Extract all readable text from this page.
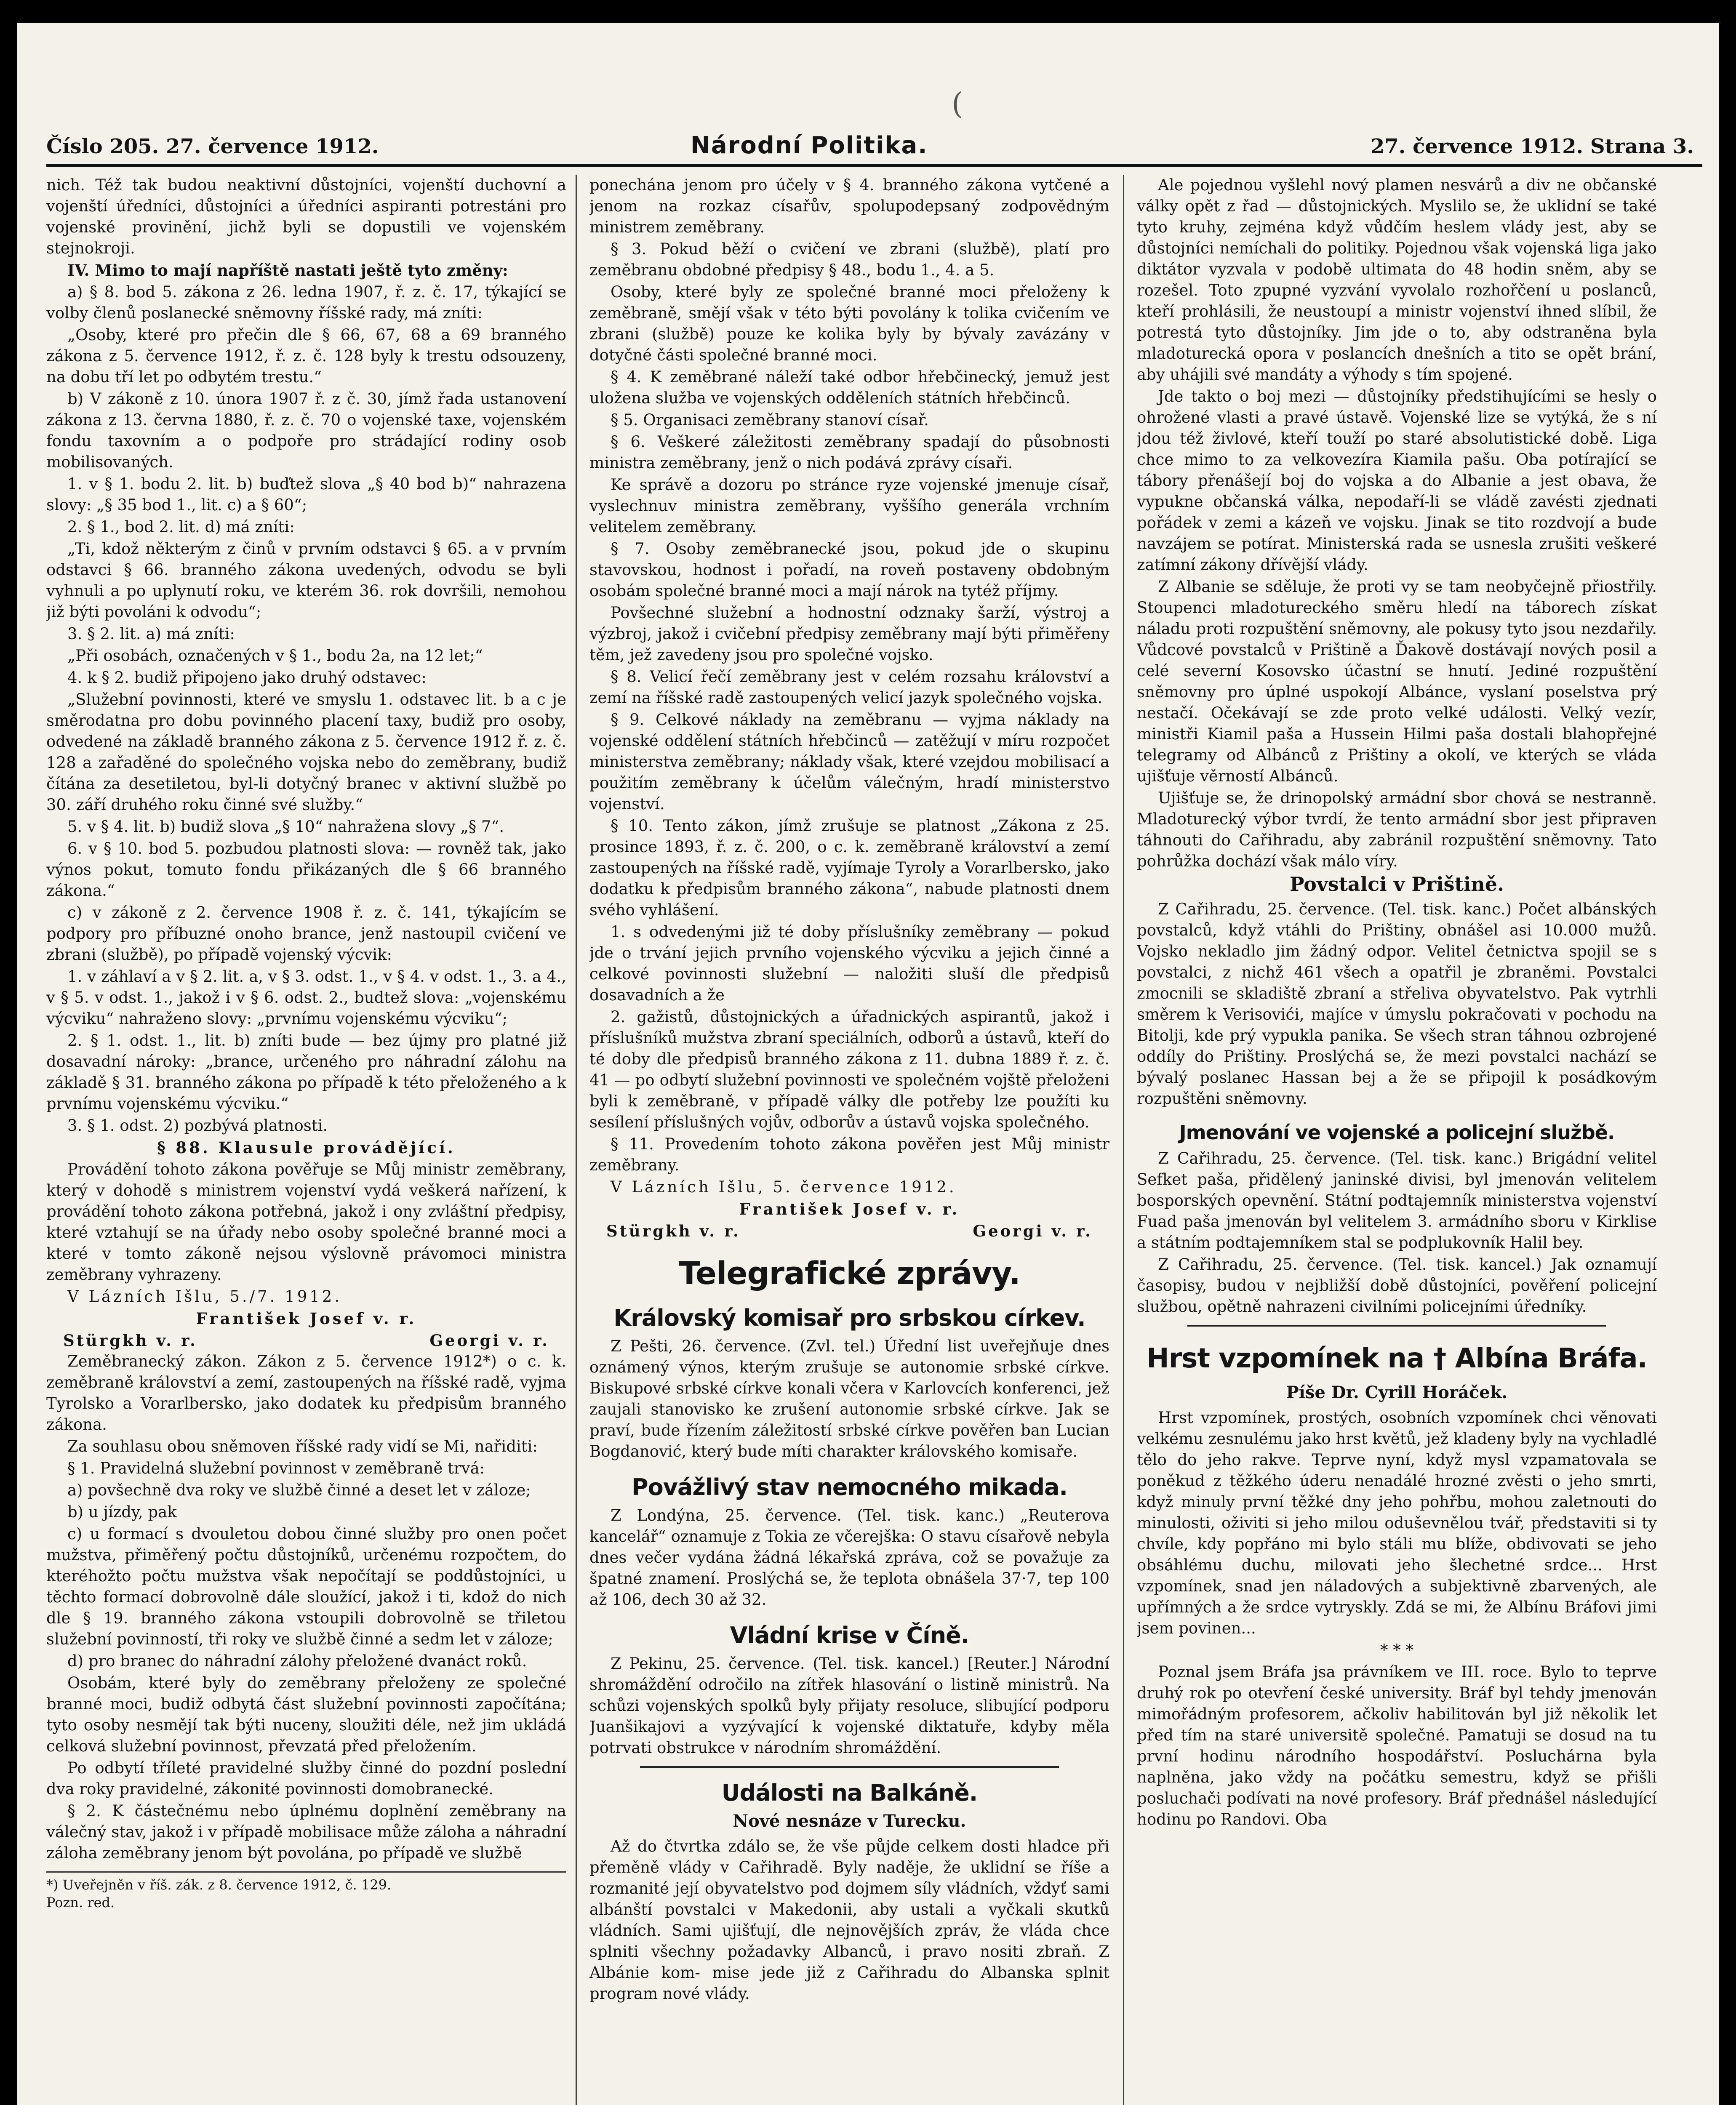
(
Číslo 205. 27. července 1912.	Národní Politika.	27. července 1912. Strana 3.

nich. Též tak budou neaktivní důstojníci, vojenští duchovní a vojenští úředníci, důstojníci a úředníci aspiranti potrestáni pro vojenské provinění, jichž byli se dopustili ve vojenském stejnokroji.

IV. Mimo to mají napříště nastati ještě tyto změny:

a) § 8. bod 5. zákona z 26. ledna 1907, ř. z. č. 17, týkající se volby členů poslanecké sněmovny říšské rady, má zníti:

„Osoby, které pro přečin dle § 66, 67, 68 a 69 branného zákona z 5. července 1912, ř. z. č. 128 byly k trestu odsouzeny, na dobu tří let po odbytém trestu.“

b) V zákoně z 10. února 1907 ř. z č. 30, jímž řada ustanovení zákona z 13. června 1880, ř. z. č. 70 o vojenské taxe, vojenském fondu taxovním a o podpoře pro strádající rodiny osob mobilisovaných.

1. v § 1. bodu 2. lit. b) buďtež slova „§ 40 bod b)“ nahrazena slovy: „§ 35 bod 1., lit. c) a § 60“;

2. § 1., bod 2. lit. d) má zníti:

„Ti, kdož některým z činů v prvním odstavci § 65. a v prvním odstavci § 66. branného zákona uvedených, odvodu se byli vyhnuli a po uplynutí roku, ve kterém 36. rok dovršili, nemohou již býti povoláni k odvodu“;

3. § 2. lit. a) má zníti:

„Při osobách, označených v § 1., bodu 2a, na 12 let;“

4. k § 2. budiž připojeno jako druhý odstavec:

„Služební povinnosti, které ve smyslu 1. odstavec lit. b a c je směrodatna pro dobu povinného placení taxy, budiž pro osoby, odvedené na základě branného zákona z 5. července 1912 ř. z. č. 128 a zařaděné do společného vojska nebo do zeměbrany, budiž čítána za desetiletou, byl-li dotyčný branec v aktivní službě po 30. září druhého roku činné své služby.“

5. v § 4. lit. b) budiž slova „§ 10“ nahražena slovy „§ 7“.

6. v § 10. bod 5. pozbudou platnosti slova: — rovněž tak, jako výnos pokut, tomuto fondu přikázaných dle § 66 branného zákona.“

c) v zákoně z 2. července 1908 ř. z. č. 141, týkajícím se podpory pro příbuzné onoho brance, jenž nastoupil cvičení ve zbrani (službě), po případě vojenský výcvik:

1. v záhlaví a v § 2. lit. a, v § 3. odst. 1., v § 4. v odst. 1., 3. a 4., v § 5. v odst. 1., jakož i v § 6. odst. 2., budtež slova: „vojenskému výcviku“ nahraženo slovy: „prvnímu vojenskému výcviku“;

2. § 1. odst. 1., lit. b) zníti bude — bez újmy pro platné již dosavadní nároky: „brance, určeného pro náhradní zálohu na základě § 31. branného zákona po případě k této přeloženého a k prvnímu vojenskému výcviku.“

3. § 1. odst. 2) pozbývá platnosti.

§ 88. Klausule provádějící.

Provádění tohoto zákona pověřuje se Můj ministr zeměbrany, který v dohodě s ministrem vojenství vydá veškerá nařízení, k provádění tohoto zákona potřebná, jakož i ony zvláštní předpisy, které vztahují se na úřady nebo osoby společné branné moci a které v tomto zákoně nejsou výslovně právomoci ministra zeměbrany vyhrazeny.

V Lázních Išlu, 5./7. 1912.

František Josef v. r.

Stürgkh v. r.	Georgi v. r.

Zeměbranecký zákon. Zákon z 5. července 1912*) o c. k. zeměbraně království a zemí, zastoupených na říšské radě, vyjma Tyrolsko a Vorarlbersko, jako dodatek ku předpisům branného zákona.

Za souhlasu obou sněmoven říšské rady vidí se Mi, nařiditi:

§ 1. Pravidelná služební povinnost v zeměbraně trvá:

a) povšechně dva roky ve službě činné a deset let v záloze;

b) u jízdy, pak

c) u formací s dvouletou dobou činné služby pro onen počet mužstva, přiměřený počtu důstojníků, určenému rozpočtem, do kteréhožto počtu mužstva však nepočítají se poddůstojníci, u těchto formací dobrovolně dále sloužící, jakož i ti, kdož do nich dle § 19. branného zákona vstoupili dobrovolně se třiletou služební povinností, tři roky ve službě činné a sedm let v záloze;

d) pro branec do náhradní zálohy přeložené dvanáct roků.

Osobám, které byly do zeměbrany přeloženy ze společné branné moci, budiž odbytá část služební povinnosti započítána; tyto osoby nesmějí tak býti nuceny, sloužiti déle, než jim ukládá celková služební povinnost, převzatá před přeložením.

Po odbytí tříleté pravidelné služby činné do pozdní poslední dva roky pravidelné, zákonité povinnosti domobranecké.

§ 2. K částečnému nebo úplnému doplnění zeměbrany na válečný stav, jakož i v případě mobilisace může záloha a náhradní záloha zeměbrany jenom být povolána, po případě ve službě

*) Uveřejněn v říš. zák. z 8. července 1912, č. 129.
Pozn. red.

ponechána jenom pro účely v § 4. branného zákona vytčené a jenom na rozkaz císařův, spolupodepsaný zodpovědným ministrem zeměbrany.

§ 3. Pokud běží o cvičení ve zbrani (službě), platí pro zeměbranu obdobné předpisy § 48., bodu 1., 4. a 5.

Osoby, které byly ze společné branné moci přeloženy k zeměbraně, smějí však v této býti povolány k tolika cvičením ve zbrani (službě) pouze ke kolika byly by bývaly zavázány v dotyčné části společné branné moci.

§ 4. K zeměbrané náleží také odbor hřebčinecký, jemuž jest uložena služba ve vojenských odděleních státních hřebčinců.

§ 5. Organisaci zeměbrany stanoví císař.

§ 6. Veškeré záležitosti zeměbrany spadají do působnosti ministra zeměbrany, jenž o nich podává zprávy císaři.

Ke správě a dozoru po stránce ryze vojenské jmenuje císař, vyslechnuv ministra zeměbrany, vyššího generála vrchním velitelem zeměbrany.

§ 7. Osoby zeměbranecké jsou, pokud jde o skupinu stavovskou, hodnost i pořadí, na roveň postaveny obdobným osobám společné branné moci a mají nárok na tytéž příjmy.

Povšechné služební a hodnostní odznaky šarží, výstroj a výzbroj, jakož i cvičební předpisy zeměbrany mají býti přiměřeny těm, jež zavedeny jsou pro společné vojsko.

§ 8. Velicí řečí zeměbrany jest v celém rozsahu království a zemí na říšské radě zastoupených velicí jazyk společného vojska.

§ 9. Celkové náklady na zeměbranu — vyjma náklady na vojenské oddělení státních hřebčinců — zatěžují v míru rozpočet ministerstva zeměbrany; náklady však, které vzejdou mobilisací a použitím zeměbrany k účelům válečným, hradí ministerstvo vojenství.

§ 10. Tento zákon, jímž zrušuje se platnost „Zákona z 25. prosince 1893, ř. z. č. 200, o c. k. zeměbraně království a zemí zastoupených na říšské radě, vyjímaje Tyroly a Vorarlbersko, jako dodatku k předpisům branného zákona“, nabude platnosti dnem svého vyhlášení.

1. s odvedenými již té doby příslušníky zeměbrany — pokud jde o trvání jejich prvního vojenského výcviku a jejich činné a celkové povinnosti služební — naložiti sluší dle předpisů dosavadních a že

2. gažistů, důstojnických a úřadnických aspirantů, jakož i příslušníků mužstva zbraní speciálních, odborů a ústavů, kteří do té doby dle předpisů branného zákona z 11. dubna 1889 ř. z. č. 41 — po odbytí služební povinnosti ve společném vojště přeloženi byli k zeměbraně, v případě války dle potřeby lze použíti ku sesílení příslušných vojův, odborův a ústavů vojska společného.

§ 11. Provedením tohoto zákona pověřen jest Můj ministr zeměbrany.

V Lázních Išlu, 5. července 1912.

František Josef v. r.

Stürgkh v. r.	Georgi v. r.
Telegrafické zprávy.
Královský komisař pro srbskou církev.

Z Pešti, 26. července. (Zvl. tel.) Úřední list uveřejňuje dnes oznámený výnos, kterým zrušuje se autonomie srbské církve. Biskupové srbské církve konali včera v Karlovcích konferenci, jež zaujali stanovisko ke zrušení autonomie srbské církve. Jak se praví, bude řízením záležitostí srbské církve pověřen ban Lucian Bogdanović, který bude míti charakter královského komisaře.

Povážlivý stav nemocného mikada.

Z Londýna, 25. července. (Tel. tisk. kanc.) „Reuterova kancelář“ oznamuje z Tokia ze včerejška: O stavu císařově nebyla dnes večer vydána žádná lékařská zpráva, což se považuje za špatné znamení. Proslýchá se, že teplota obnášela 37·7, tep 100 až 106, dech 30 až 32.

Vládní krise v Číně.

Z Pekinu, 25. července. (Tel. tisk. kancel.) [Reuter.] Národní shromáždění odročilo na zítřek hlasování o listině ministrů. Na schůzi vojenských spolků byly přijaty resoluce, slibující podporu Juanšikajovi a vyzývající k vojenské diktatuře, kdyby měla potrvati obstrukce v národním shromáždění.

Události na Balkáně.
Nové nesnáze v Turecku.

Až do čtvrtka zdálo se, že vše půjde celkem dosti hladce při přeměně vlády v Cařihradě. Byly naděje, že uklidní se říše a rozmanité její obyvatelstvo pod dojmem síly vládních, vždyť sami albánští povstalci v Makedonii, aby ustali a vyčkali skutků vládních. Sami ujišťují, dle nejnovějších zpráv, že vláda chce splniti všechny požadavky Albanců, i pravo nositi zbraň. Z Albánie kom- mise jede již z Cařihradu do Albanska splnit program nové vlády.

Ale pojednou vyšlehl nový plamen nesvárů a div ne občanské války opět z řad — důstojnických. Myslilo se, že uklidní se také tyto kruhy, zejména když vůdčím heslem vlády jest, aby se důstojníci nemíchali do politiky. Pojednou však vojenská liga jako diktátor vyzvala v podobě ultimata do 48 hodin sněm, aby se rozešel. Toto zpupné vyzvání vyvolalo rozhořčení u poslanců, kteří prohlásili, že neustoupí a ministr vojenství ihned slíbil, že potrestá tyto důstojníky. Jim jde o to, aby odstraněna byla mladoturecká opora v poslancích dnešních a tito se opět brání, aby uhájili své mandáty a výhody s tím spojené.

Jde takto o boj mezi — důstojníky předstihujícími se hesly o ohrožené vlasti a pravé ústavě. Vojenské lize se vytýká, že s ní jdou též živlové, kteří touží po staré absolutistické době. Liga chce mimo to za velkovezíra Kiamila pašu. Oba potírající se tábory přenášejí boj do vojska a do Albanie a jest obava, že vypukne občanská válka, nepodaří-li se vládě zavésti zjednati pořádek v zemi a kázeň ve vojsku. Jinak se tito rozdvojí a bude navzájem se potírat. Ministerská rada se usnesla zrušiti veškeré zatímní zákony dřívější vlády.

Z Albanie se sděluje, že proti vy se tam neobyčejně přiostřily. Stoupenci mladotureckého směru hledí na táborech získat náladu proti rozpuštění sněmovny, ale pokusy tyto jsou nezdařily. Vůdcové povstalců v Prištině a Ďakově dostávají nových posil a celé severní Kosovsko účastní se hnutí. Jediné rozpuštění sněmovny pro úplné uspokojí Albánce, vyslaní poselstva prý nestačí. Očekávají se zde proto velké události. Velký vezír, ministři Kiamil paša a Hussein Hilmi paša dostali blahopřejné telegramy od Albánců z Prištiny a okolí, ve kterých se vláda ujišťuje věrností Albánců.

Ujišťuje se, že drinopolský armádní sbor chová se nestranně. Mladoturecký výbor tvrdí, že tento armádní sbor jest připraven táhnouti do Cařihradu, aby zabránil rozpuštění sněmovny. Tato pohrůžka dochází však málo víry.

Povstalci v Prištině.

Z Cařihradu, 25. července. (Tel. tisk. kanc.) Počet albánských povstalců, když vtáhli do Prištiny, obnášel asi 10.000 mužů. Vojsko nekladlo jim žádný odpor. Velitel četnictva spojil se s povstalci, z nichž 461 všech a opatřil je zbraněmi. Povstalci zmocnili se skladiště zbraní a střeliva obyvatelstvo. Pak vytrhli směrem k Verisovići, majíce v úmyslu pokračovati v pochodu na Bitolji, kde prý vypukla panika. Se všech stran táhnou ozbrojené oddíly do Prištiny. Proslýchá se, že mezi povstalci nachází se bývalý poslanec Hassan bej a že se připojil k posádkovým rozpuštěni sněmovny.

Jmenování ve vojenské a policejní službě.

Z Cařihradu, 25. července. (Tel. tisk. kanc.) Brigádní velitel Sefket paša, přidělený janinské divisi, byl jmenován velitelem bosporských opevnění. Státní podtajemník ministerstva vojenství Fuad paša jmenován byl velitelem 3. armádního sboru v Kirklise a státním podtajemníkem stal se podplukovník Halil bey.

Z Cařihradu, 25. července. (Tel. tisk. kancel.) Jak oznamují časopisy, budou v nejbližší době důstojníci, pověření policejní službou, opětně nahrazeni civilními policejními úředníky.

Hrst vzpomínek na † Albína Bráfa.
Píše Dr. Cyrill Horáček.

Hrst vzpomínek, prostých, osobních vzpomínek chci věnovati velkému zesnulému jako hrst květů, jež kladeny byly na vychladlé tělo do jeho rakve. Teprve nyní, když mysl vzpamatovala se poněkud z těžkého úderu nenadálé hrozné zvěsti o jeho smrti, když minuly první těžké dny jeho pohřbu, mohou zaletnouti do minulosti, oživiti si jeho milou oduševnělou tvář, představiti si ty chvíle, kdy popřáno mi bylo stáli mu blíže, obdivovati se jeho obsáhlému duchu, milovati jeho šlechetné srdce... Hrst vzpomínek, snad jen náladových a subjektivně zbarvených, ale upřímných a že srdce vytryskly. Zdá se mi, že Albínu Bráfovi jimi jsem povinen...

* * *

Poznal jsem Bráfa jsa právníkem ve III. roce. Bylo to teprve druhý rok po otevření české university. Bráf byl tehdy jmenován mimořádným profesorem, ačkoliv habilitován byl již několik let před tím na staré universitě společné. Pamatuji se dosud na tu první hodinu národního hospodářství. Posluchárna byla naplněna, jako vždy na počátku semestru, když se přišli posluchači podívati na nové profesory. Bráf přednášel následující hodinu po Randovi. Oba
